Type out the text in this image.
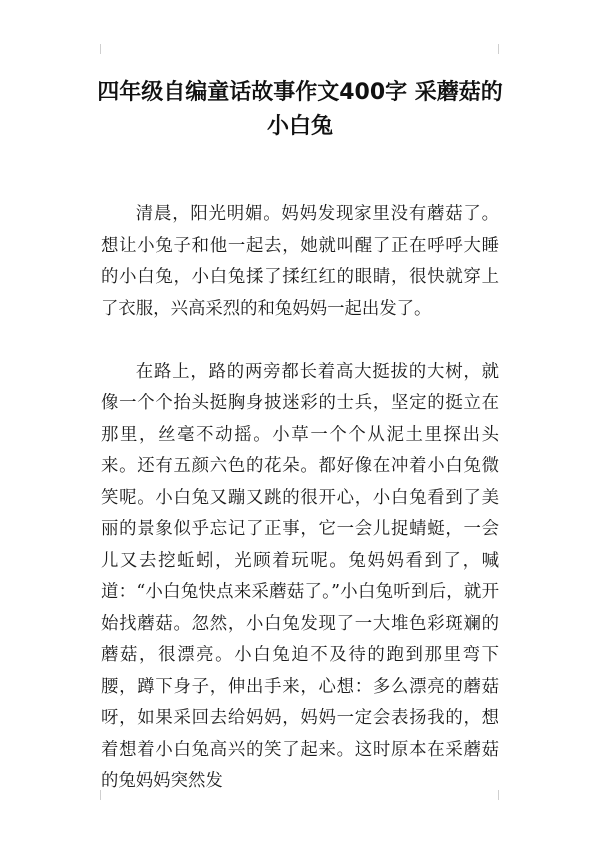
四年级自编童话故事作文400字 采蘑菇的小白兔

清晨，阳光明媚。妈妈发现家里没有蘑菇了。想让小兔子和他一起去，她就叫醒了正在呼呼大睡的小白兔，小白兔揉了揉红红的眼睛，很快就穿上了衣服，兴高采烈的和兔妈妈一起出发了。

在路上，路的两旁都长着高大挺拔的大树，就像一个个抬头挺胸身披迷彩的士兵，坚定的挺立在那里，丝毫不动摇。小草一个个从泥土里探出头来。还有五颜六色的花朵。都好像在冲着小白兔微笑呢。小白兔又蹦又跳的很开心，小白兔看到了美丽的景象似乎忘记了正事，它一会儿捉蜻蜓，一会儿又去挖蚯蚓，光顾着玩呢。兔妈妈看到了，喊道：“小白兔快点来采蘑菇了。”小白兔听到后，就开始找蘑菇。忽然，小白兔发现了一大堆色彩斑斓的蘑菇，很漂亮。小白兔迫不及待的跑到那里弯下腰，蹲下身子，伸出手来，心想：多么漂亮的蘑菇呀，如果采回去给妈妈，妈妈一定会表扬我的，想着想着小白兔高兴的笑了起来。这时原本在采蘑菇的兔妈妈突然发
